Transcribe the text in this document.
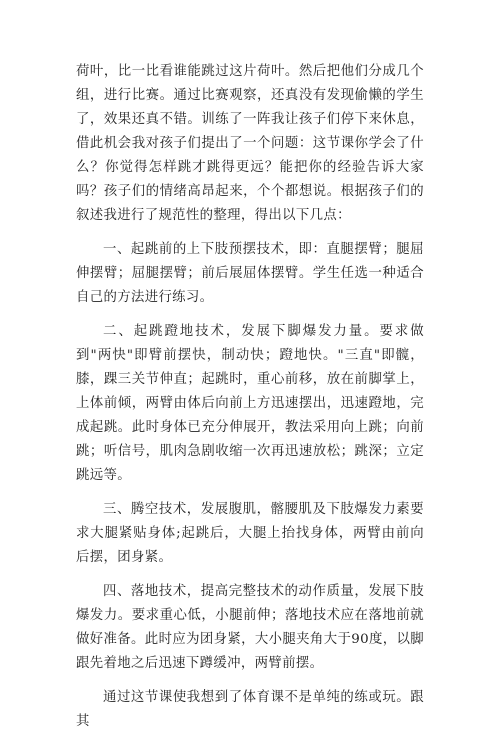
荷叶，比一比看谁能跳过这片荷叶。然后把他们分成几个组，进行比赛。通过比赛观察，还真没有发现偷懒的学生了，效果还真不错。训练了一阵我让孩子们停下来休息，借此机会我对孩子们提出了一个问题：这节课你学会了什么？你觉得怎样跳才跳得更远？能把你的经验告诉大家吗？孩子们的情绪高昂起来，个个都想说。根据孩子们的叙述我进行了规范性的整理，得出以下几点：

一、起跳前的上下肢预摆技术，即：直腿摆臂；腿屈伸摆臂；屈腿摆臂；前后展屈体摆臂。学生任选一种适合自己的方法进行练习。

二、起跳蹬地技术，发展下脚爆发力量。要求做到"两快"即臂前摆快，制动快；蹬地快。"三直"即髋，膝，踝三关节伸直；起跳时，重心前移，放在前脚掌上，上体前倾，两臂由体后向前上方迅速摆出，迅速蹬地，完成起跳。此时身体已充分伸展开，教法采用向上跳；向前跳；听信号，肌肉急剧收缩一次再迅速放松；跳深；立定跳远等。

三、腾空技术，发展腹肌，髂腰肌及下肢爆发力素要求大腿紧贴身体;起跳后，大腿上抬找身体，两臂由前向后摆，团身紧。

四、落地技术，提高完整技术的动作质量，发展下肢爆发力。要求重心低，小腿前伸；落地技术应在落地前就做好准备。此时应为团身紧，大小腿夹角大于90度，以脚跟先着地之后迅速下蹲缓冲，两臂前摆。

通过这节课使我想到了体育课不是单纯的练或玩。跟其
